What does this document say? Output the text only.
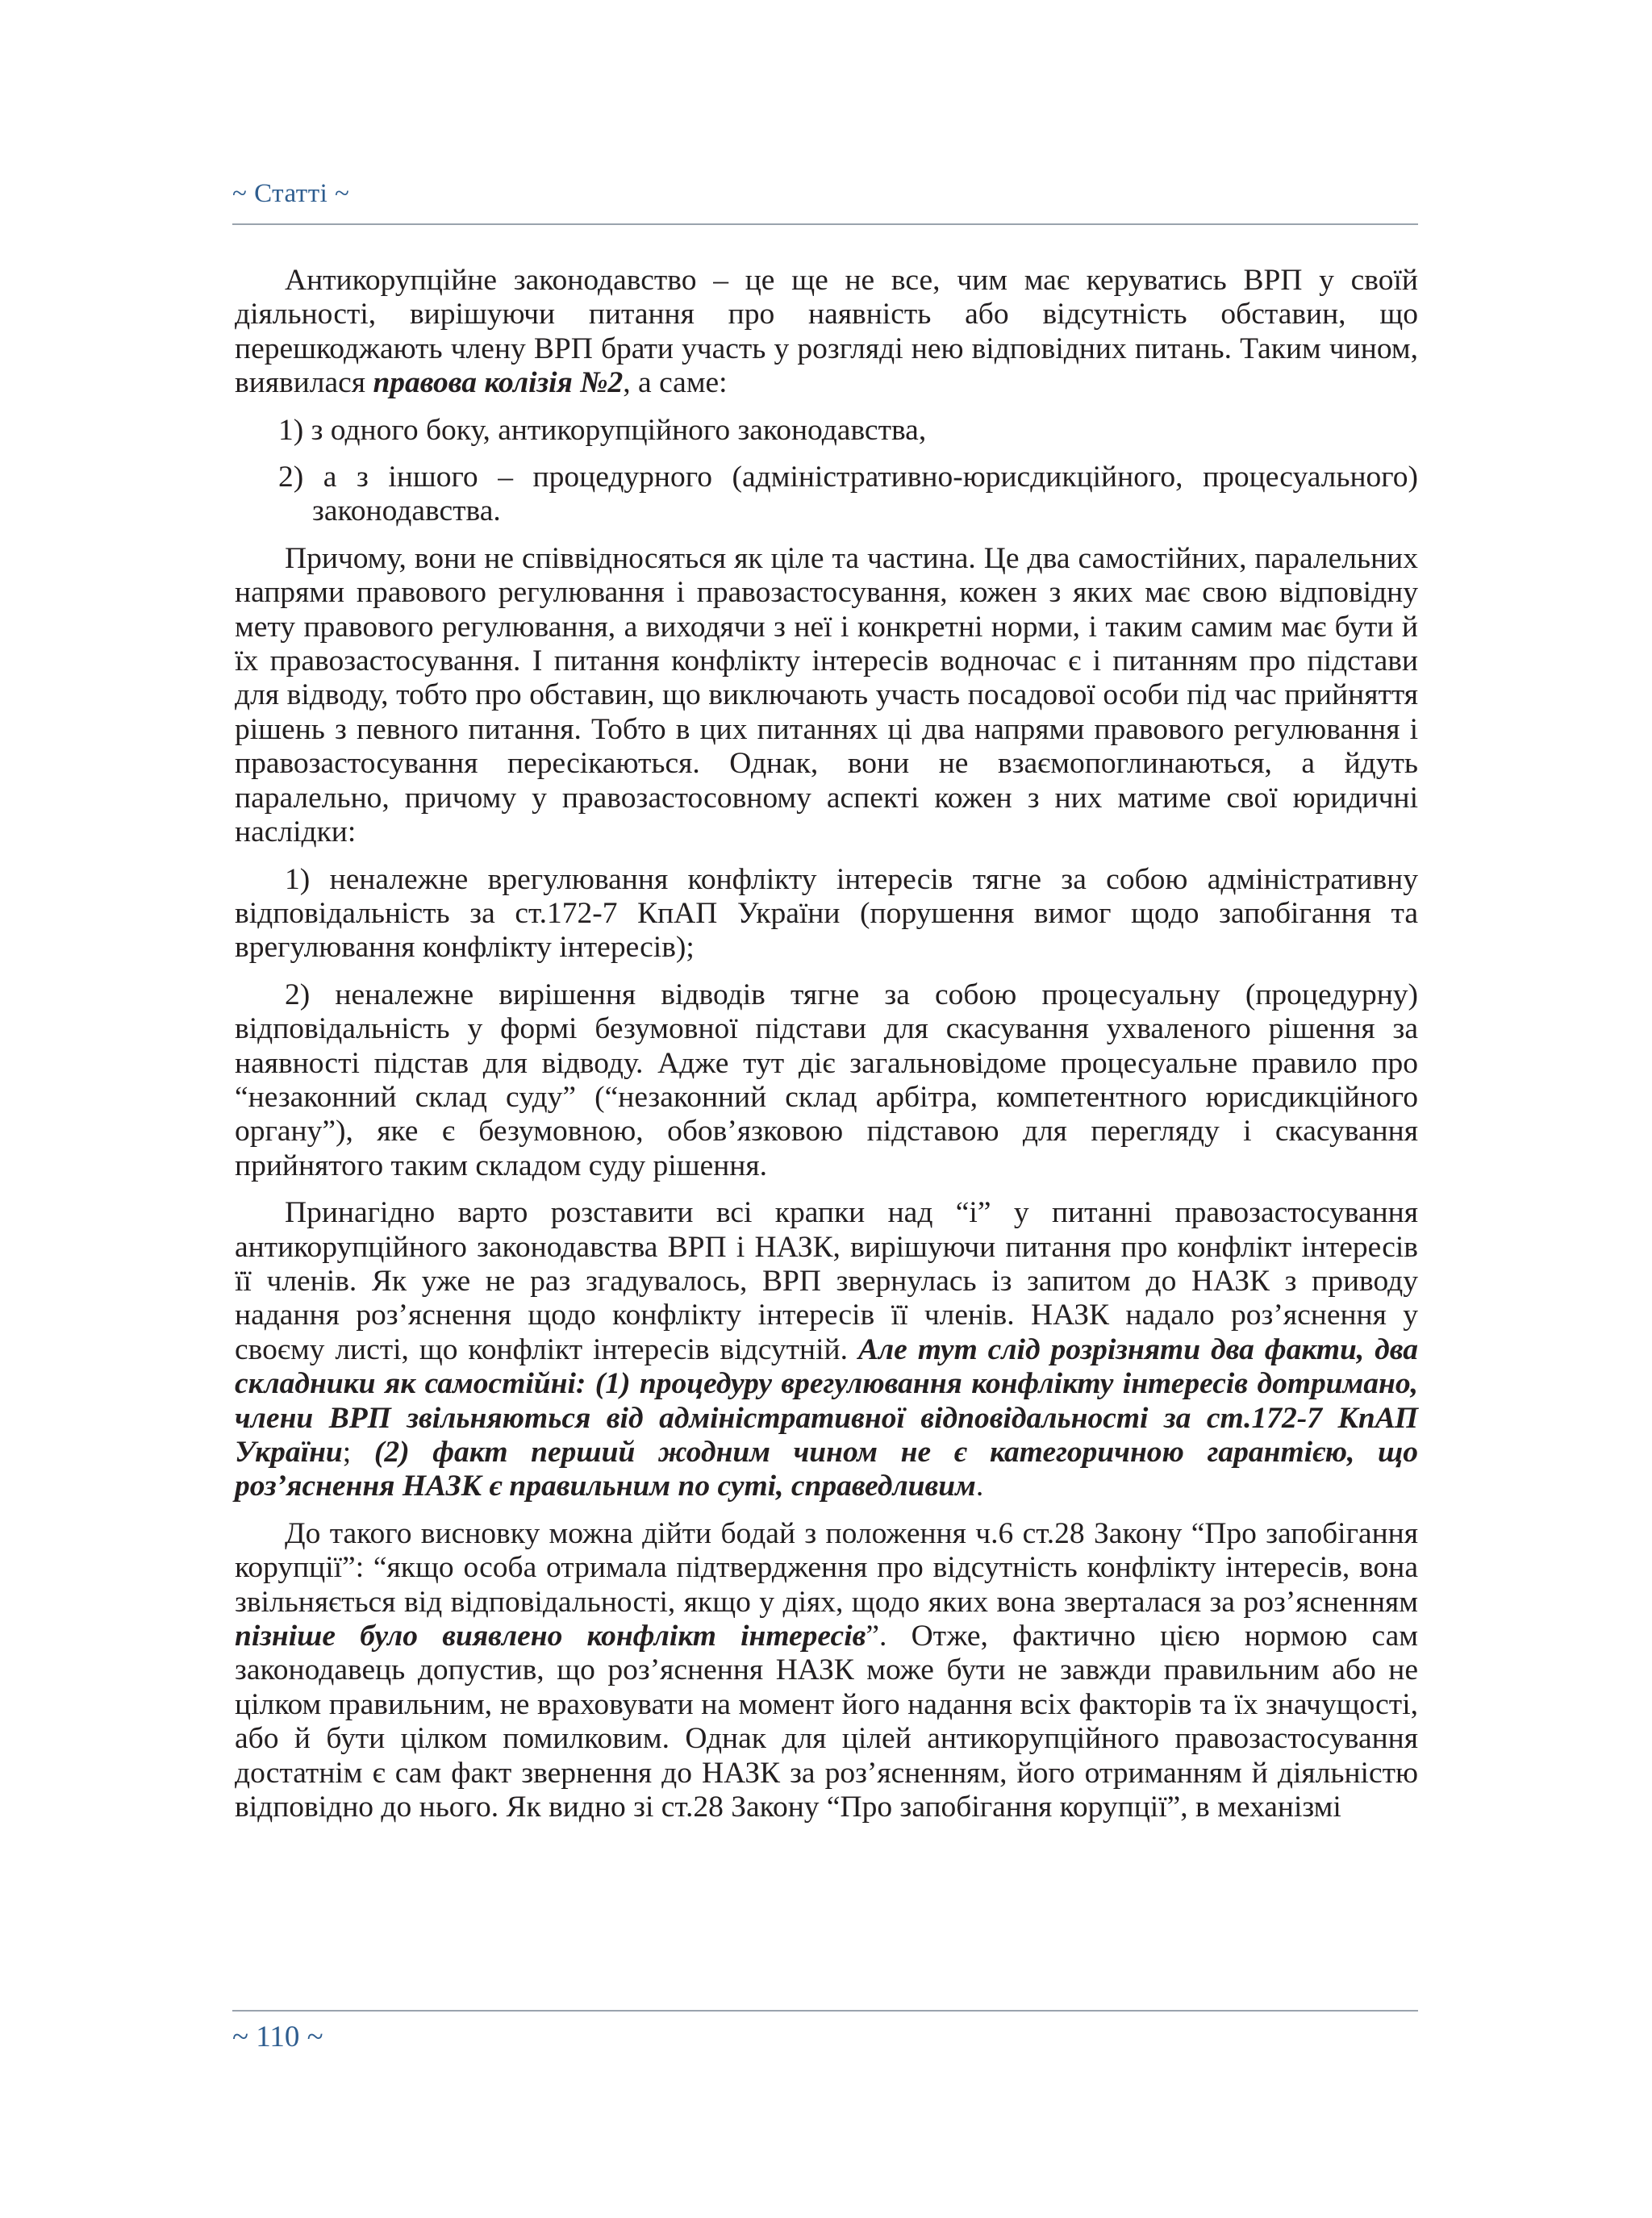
~ Статті ~

Антикорупційне законодавство – це ще не все, чим має керуватись ВРП у своїй діяльності, вирішуючи питання про наявність або відсутність обставин, що перешкоджають члену ВРП брати участь у розгляді нею відповідних питань. Таким чином, виявилася правова колізія №2, а саме:

1) з одного боку, антикорупційного законодавства,

2) а з іншого – процедурного (адміністративно-юрисдикційного, процесуального) законодавства.

Причому, вони не співвідносяться як ціле та частина. Це два самостійних, паралельних напрями правового регулювання і правозастосування, кожен з яких має свою відповідну мету правового регулювання, а виходячи з неї і конкретні норми, і таким самим має бути й їх правозастосування. І питання конфлікту інтересів водночас є і питанням про підстави для відводу, тобто про обставин, що виключають участь посадової особи під час прийняття рішень з певного питання. Тобто в цих питаннях ці два напрями правового регулювання і правозастосування пересікаються. Однак, вони не взаємопоглинаються, а йдуть паралельно, причому у правозастосовному аспекті кожен з них матиме свої юридичні наслідки:

1) неналежне врегулювання конфлікту інтересів тягне за собою адміністративну відповідальність за ст.172-7 КпАП України (порушення вимог щодо запобігання та врегулювання конфлікту інтересів);

2) неналежне вирішення відводів тягне за собою процесуальну (процедурну) відповідальність у формі безумовної підстави для скасування ухваленого рішення за наявності підстав для відводу. Адже тут діє загальновідоме процесуальне правило про “незаконний склад суду” (“незаконний склад арбітра, компетентного юрисдикційного органу”), яке є безумовною, обов’язковою підставою для перегляду і скасування прийнятого таким складом суду рішення.

Принагідно варто розставити всі крапки над “і” у питанні правозастосування антикорупційного законодавства ВРП і НАЗК, вирішуючи питання про конфлікт інтересів її членів. Як уже не раз згадувалось, ВРП звернулась із запитом до НАЗК з приводу надання роз’яснення щодо конфлікту інтересів її членів. НАЗК надало роз’яснення у своєму листі, що конфлікт інтересів відсутній. Але тут слід розрізняти два факти, два складники як самостійні: (1) процедуру врегулювання конфлікту інтересів дотримано, члени ВРП звільняються від адміністративної відповідальності за ст.172-7 КпАП України; (2) факт перший жодним чином не є категоричною гарантією, що роз’яснення НАЗК є правильним по суті, справедливим.

До такого висновку можна дійти бодай з положення ч.6 ст.28 Закону “Про запобігання корупції”: “якщо особа отримала підтвердження про відсутність конфлікту інтересів, вона звільняється від відповідальності, якщо у діях, щодо яких вона зверталася за роз’ясненням пізніше було виявлено конфлікт інтересів”. Отже, фактично цією нормою сам законодавець допустив, що роз’яснення НАЗК може бути не завжди правильним або не цілком правильним, не враховувати на момент його надання всіх факторів та їх значущості, або й бути цілком помилковим. Однак для цілей антикорупційного правозастосування достатнім є сам факт звернення до НАЗК за роз’ясненням, його отриманням й діяльністю відповідно до нього. Як видно зі ст.28 Закону “Про запобігання корупції”, в механізмі

~ 110 ~
